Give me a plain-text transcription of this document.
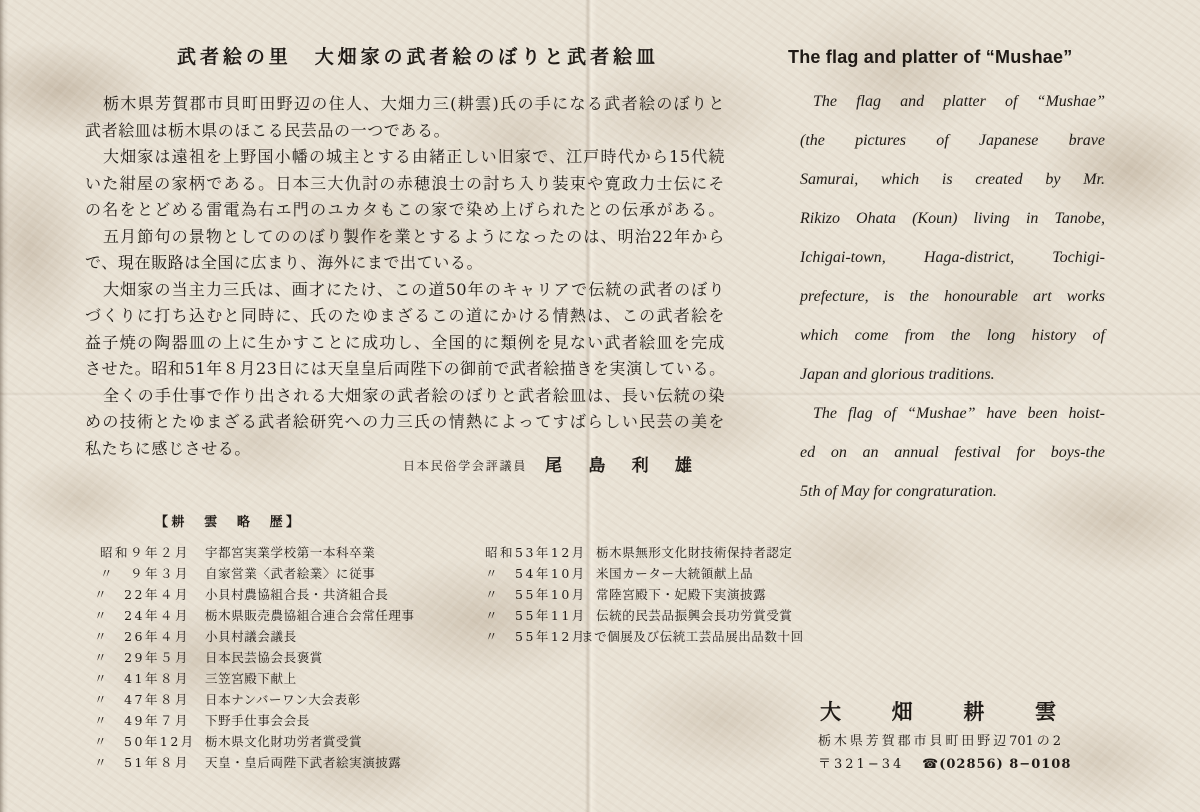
武者絵の里　大畑家の武者絵のぼりと武者絵皿	The flag and platter of “Mushae”
栃木県芳賀郡市貝町田野辺の住人、大畑力三(耕雲)氏の手になる武者絵のぼりと
武者絵皿は栃木県のほこる民芸品の一つである。
大畑家は遠祖を上野国小幡の城主とする由緒正しい旧家で、江戸時代から15代続
いた紺屋の家柄である。日本三大仇討の赤穂浪士の討ち入り装束や寛政力士伝にそ
の名をとどめる雷電為右エ門のユカタもこの家で染め上げられたとの伝承がある。
五月節句の景物としてののぼり製作を業とするようになったのは、明治22年から
で、現在販路は全国に広まり、海外にまで出ている。
大畑家の当主力三氏は、画才にたけ、この道50年のキャリアで伝統の武者のぼり
づくりに打ち込むと同時に、氏のたゆまざるこの道にかける情熱は、この武者絵を
益子焼の陶器皿の上に生かすことに成功し、全国的に類例を見ない武者絵皿を完成
させた。昭和51年８月23日には天皇皇后両陛下の御前で武者絵描きを実演している。
全くの手仕事で作り出される大畑家の武者絵のぼりと武者絵皿は、長い伝統の染
めの技術とたゆまざる武者絵研究への力三氏の情熱によってすばらしい民芸の美を
私たちに感じさせる。
日本民俗学会評議員 尾　島　利　雄
The flag and platter of “Mushae”
(the pictures of Japanese brave
Samurai, which is created by Mr.
Rikizo Ohata (Koun) living in Tanobe,
Ichigai-town, Haga-district, Tochigi-
prefecture, is the honourable art works
which come from the long history of
Japan and glorious traditions.
The flag of “Mushae” have been hoist-
ed on an annual festival for boys-the
5th of May for congraturation.
【耕　雲　略　歴】
昭和９年２月 宇都宮実業学校第一本科卒業
〃　９年３月 自家営業〈武者絵業〉に従事
〃　22年４月 小貝村農協組合長・共済組合長
〃　24年４月 栃木県販売農協組合連合会常任理事
〃　26年４月 小貝村議会議長
〃　29年５月 日本民芸協会長褒賞
〃　41年８月 三笠宮殿下献上
〃　47年８月 日本ナンバーワン大会表彰
〃　49年７月 下野手仕事会会長
〃　50年12月 栃木県文化財功労者賞受賞
〃　51年８月 天皇・皇后両陛下武者絵実演披露
昭和53年12月 栃木県無形文化財技術保持者認定
〃　54年10月 米国カーター大統領献上品
〃　55年10月 常陸宮殿下・妃殿下実演披露
〃　55年11月 伝統的民芸品振興会長功労賞受賞
〃　55年12月
まで個展及び伝統工芸品展出品数十回
大　畑　耕　雲
栃木県芳賀郡市貝町田野辺701の2
〒321−34 ☎(02856) 8−0108
